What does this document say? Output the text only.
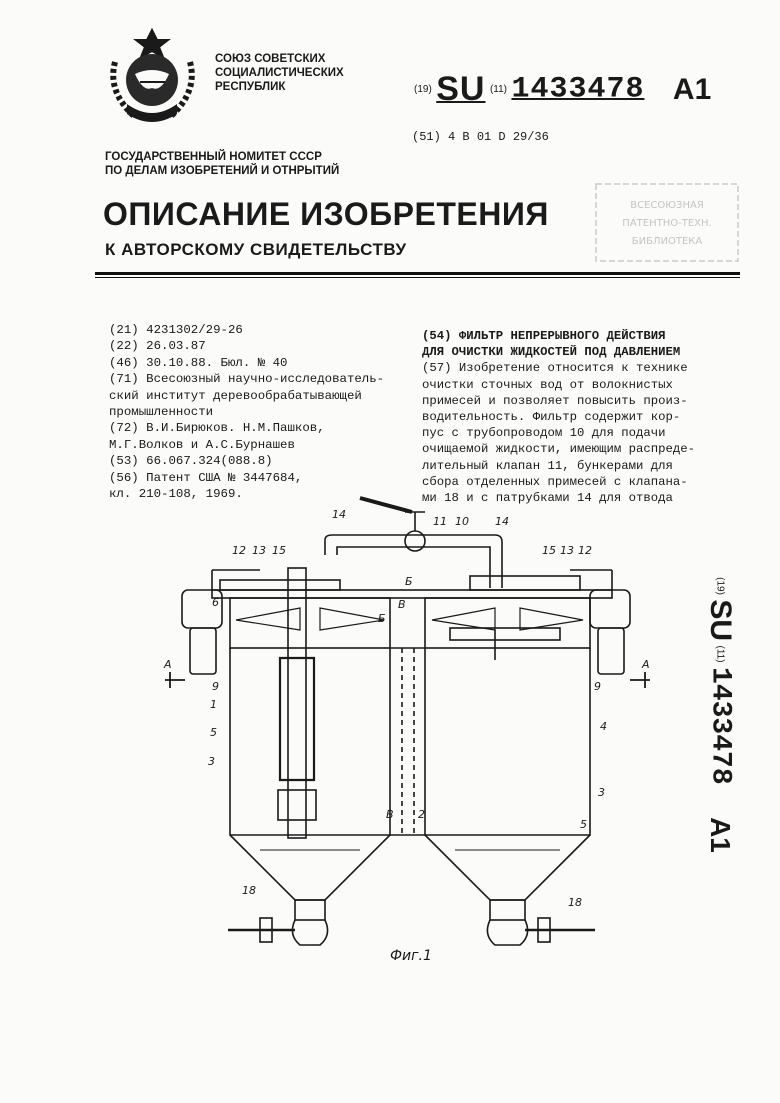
СОЮЗ СОВЕТСКИХ
СОЦИАЛИСТИЧЕСКИХ
РЕСПУБЛИК	(19) SU (11) 1433478 A1
(51) 4 B 01 D 29/36
ГОСУДАРСТВЕННЫЙ НОМИТЕТ СССР
ПО ДЕЛАМ ИЗОБРЕТЕНИЙ И ОТНРЫТИЙ
ОПИСАНИЕ ИЗОБРЕТЕНИЯ
К АВТОРСКОМУ СВИДЕТЕЛЬСТВУ
ВСЕСОЮЗНАЯ
ПАТЕНТНО-ТЕХН.
БИБЛИОТЕКА
(21) 4231302/29-26
(22) 26.03.87
(46) 30.10.88. Бюл. № 40
(71) Всесоюзный научно-исследователь-
ский институт деревообрабатывающей
промышленности
(72) В.И.Бирюков. Н.М.Пашков,
М.Г.Волков и А.С.Бурнашев
(53) 66.067.324(088.8)
(56) Патент США № 3447684,
кл. 210-108, 1969.
(54) ФИЛЬТР НЕПРЕРЫВНОГО ДЕЙСТВИЯ
ДЛЯ ОЧИСТКИ ЖИДКОСТЕЙ ПОД ДАВЛЕНИЕМ
(57) Изобретение относится к технике
очистки сточных вод от волокнистых
примесей и позволяет повысить произ-
водительность. Фильтр содержит кор-
пус с трубопроводом 10 для подачи
очищаемой жидкости, имеющим распреде-
лительный клапан 11, бункерами для
сбора отделенных примесей с клапана-
ми 18 и с патрубками 14 для отвода
(19) SU (11) 1433478 A1
14
11 10 14
12 13 15	15 13 12
6
Б
Б
В
В
А	А
9	9
1
5
3
4
3
2
5
18
18
Фиг.1
